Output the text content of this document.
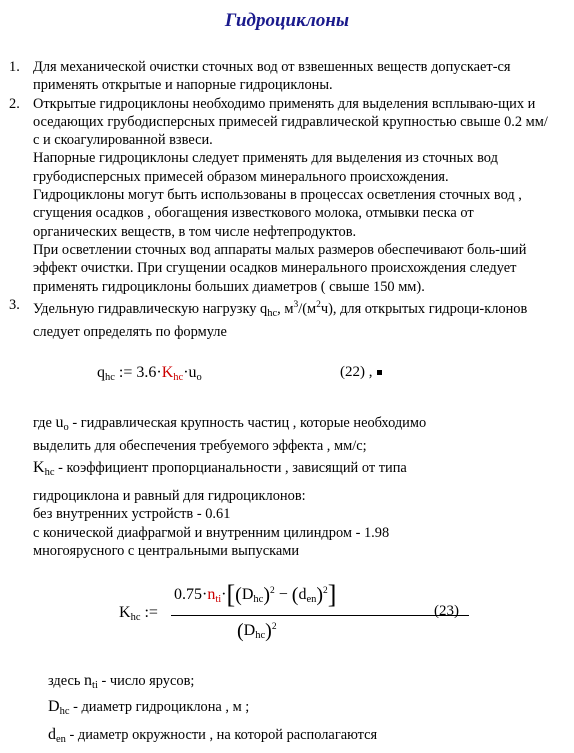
Гидроциклоны
1. Для механической очистки сточных вод от взвешенных веществ допускает-ся применять открытые и напорные гидроциклоны.

2. Открытые гидроциклоны необходимо применять для выделения всплываю-щих и оседающих грубодисперсных примесей гидравлической крупностью свыше 0.2 мм/с и скоагулированной взвеси.

Напорные гидроциклоны следует применять для выделения из сточных вод грубодисперсных примесей образом минерального происхождения.

Гидроциклоны могут быть использованы в процессах осветления сточных вод , сгущения осадков , обогащения известкового молока, отмывки песка от органических веществ, в том числе нефтепродуктов.

При осветлении сточных вод аппараты малых размеров обеспечивают боль-ший эффект очистки. При сгущении осадков минерального происхождения следует применять гидроциклоны больших диаметров ( свыше 150 мм).

3. Удельную гидравлическую нагрузку $q_{hc}$, $м^3/(м^2ч)$, для открытых гидроци-клонов следует определять по формуле

$q_{hc}$ := $3.6\cdot K_{hc}\cdot u_o$	(22) ,
где $u_o$ - гидравлическая крупность частиц , которые необходимо
выделить для обеспечения требуемого эффекта , мм/с;
$K_{hc}$ - коэффициент пропорцианальности , зависящий от типа
гидроциклона и равный для гидроциклонов:
без внутренних устройств - 0.61
с конической диафрагмой и внутренним цилиндром - 1.98
многоярусного с центральными выпусками
$K_{hc}$ :=
$0.75\cdot n_{ti}\cdot[(D_{hc})^2 - (d_{en})^2]$
$(D_{hc})^2$
(23)
здесь $n_{ti}$ - число ярусов;
$D_{hc}$ - диаметр гидроциклона , м ;
$d_{en}$ - диаметр окружности , на которой располагаются
